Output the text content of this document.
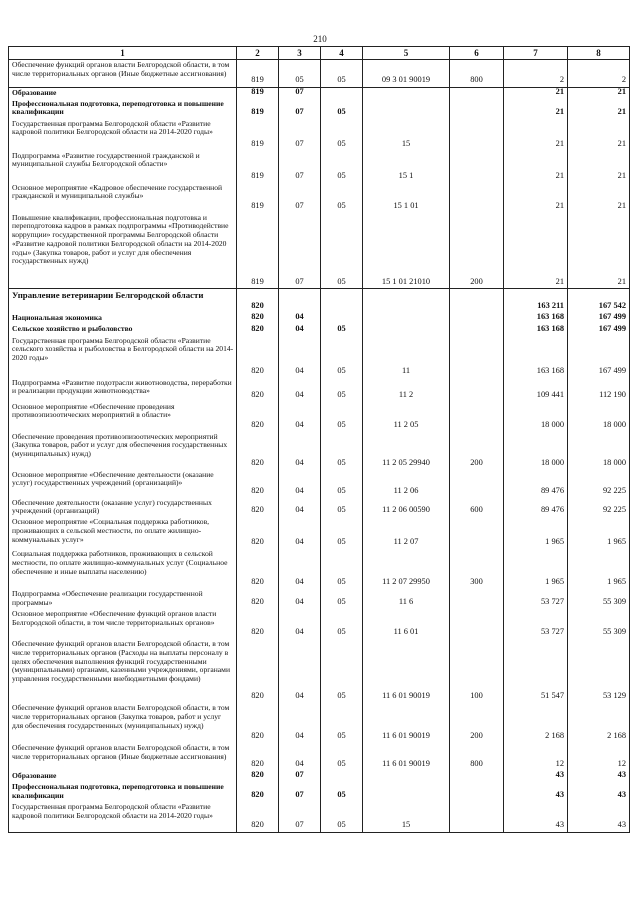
210
1	2	3	4	5	6	7	8
Обеспечение функций органов власти Белгородской области, в том числе территориальных органов (Иные бюджетные ассигнования)	819	05	05	09 3 01 90019	800	2	2
Образование	819	07				21	21
Профессиональная подготовка, переподготовка и повышение квалификации	819	07	05			21	21
Государственная программа Белгородской области «Развитие кадровой политики Белгородской области на 2014-2020 годы»	819	07	05	15		21	21
Подпрограмма «Развитие государственной гражданской и муниципальной службы Белгородской области»	819	07	05	15 1		21	21
Основное мероприятие «Кадровое обеспечение государственной гражданской и муниципальной службы»	819	07	05	15 1 01		21	21
Повышение квалификации, профессиональная подготовка и переподготовка кадров в рамках подпрограммы «Противодействие коррупции» государственной программы Белгородской области «Развитие кадровой политики Белгородской области на 2014-2020 годы» (Закупка товаров, работ и услуг для обеспечения государственных нужд)	819	07	05	15 1 01 21010	200	21	21
Управление ветеринарии Белгородской области	820					163 211	167 542
Национальная экономика	820	04				163 168	167 499
Сельское хозяйство и рыболовство	820	04	05			163 168	167 499
Государственная программа Белгородской области «Развитие сельского хозяйства и рыболовства в Белгородской области на 2014-2020 годы»	820	04	05	11		163 168	167 499
Подпрограмма «Развитие подотрасли животноводства, переработки и реализации продукции животноводства»	820	04	05	11 2		109 441	112 190
Основное мероприятие «Обеспечение проведения противоэпизоотических мероприятий в области»	820	04	05	11 2 05		18 000	18 000
Обеспечение проведения противоэпизоотических мероприятий (Закупка товаров, работ и услуг для обеспечения государственных (муниципальных) нужд)	820	04	05	11 2 05 29940	200	18 000	18 000
Основное мероприятие «Обеспечение деятельности (оказание услуг) государственных учреждений (организаций)»	820	04	05	11 2 06		89 476	92 225
Обеспечение деятельности (оказание услуг) государственных учреждений (организаций)	820	04	05	11 2 06 00590	600	89 476	92 225
Основное мероприятие «Социальная поддержка работников, проживающих в сельской местности, по оплате жилищно-коммунальных услуг»	820	04	05	11 2 07		1 965	1 965
Социальная поддержка работников, проживающих в сельской местности, по оплате жилищно-коммунальных услуг (Социальное обеспечение и иные выплаты населению)	820	04	05	11 2 07 29950	300	1 965	1 965
Подпрограмма «Обеспечение реализации государственной программы»	820	04	05	11 6		53 727	55 309
Основное мероприятие «Обеспечение функций органов власти Белгородской области, в том числе территориальных органов»	820	04	05	11 6 01		53 727	55 309
Обеспечение функций органов власти Белгородской области, в том числе территориальных органов (Расходы на выплаты персоналу в целях обеспечения выполнения функций государственными (муниципальными) органами, казенными учреждениями, органами управления государственными внебюджетными фондами)	820	04	05	11 6 01 90019	100	51 547	53 129
Обеспечение функций органов власти Белгородской области, в том числе территориальных органов (Закупка товаров, работ и услуг для обеспечения государственных (муниципальных) нужд)	820	04	05	11 6 01 90019	200	2 168	2 168
Обеспечение функций органов власти Белгородской области, в том числе территориальных органов (Иные бюджетные ассигнования)	820	04	05	11 6 01 90019	800	12	12
Образование	820	07				43	43
Профессиональная подготовка, переподготовка и повышение квалификации	820	07	05			43	43
Государственная программа Белгородской области «Развитие кадровой политики Белгородской области на 2014-2020 годы»	820	07	05	15		43	43
